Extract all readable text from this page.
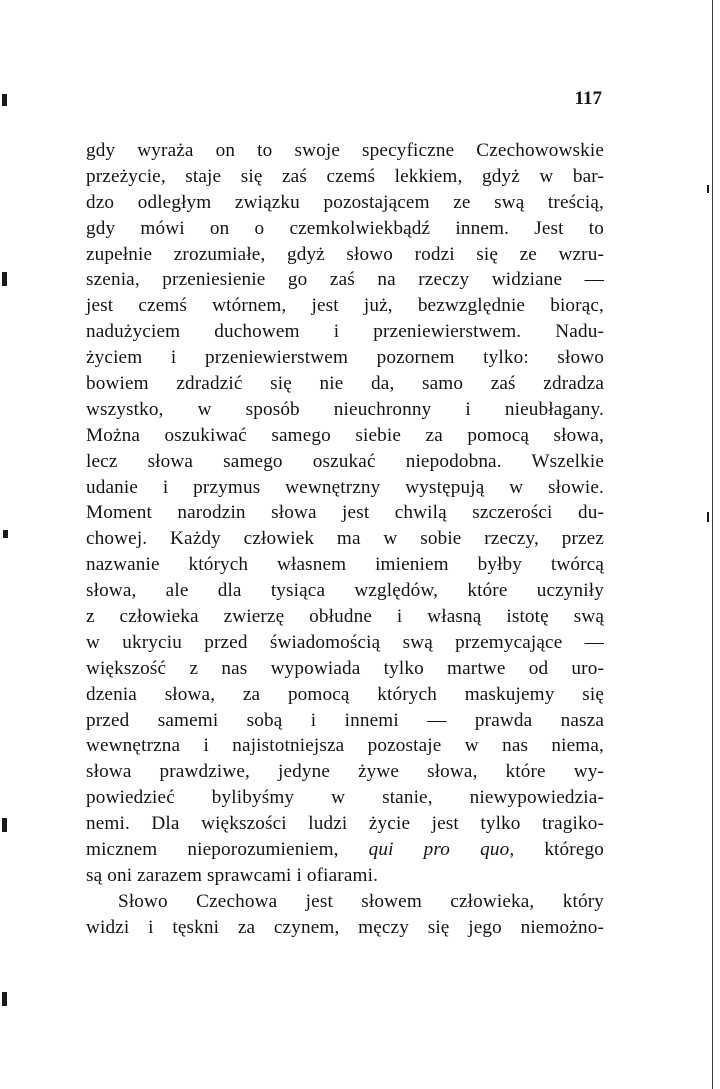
117
gdy wyraża on to swoje specyficzne Czechowowskie
przeżycie, staje się zaś czemś lekkiem, gdyż w bar-
dzo odległym związku pozostającem ze swą treścią,
gdy mówi on o czemkolwiekbądź innem. Jest to
zupełnie zrozumiałe, gdyż słowo rodzi się ze wzru-
szenia, przeniesienie go zaś na rzeczy widziane —
jest czemś wtórnem, jest już, bezwzględnie biorąc,
nadużyciem duchowem i przeniewierstwem. Nadu-
życiem i przeniewierstwem pozornem tylko: słowo
bowiem zdradzić się nie da, samo zaś zdradza
wszystko, w sposób nieuchronny i nieubłagany.
Można oszukiwać samego siebie za pomocą słowa,
lecz słowa samego oszukać niepodobna. Wszelkie
udanie i przymus wewnętrzny występują w słowie.
Moment narodzin słowa jest chwilą szczerości du-
chowej. Każdy człowiek ma w sobie rzeczy, przez
nazwanie których własnem imieniem byłby twórcą
słowa, ale dla tysiąca względów, które uczyniły
z człowieka zwierzę obłudne i własną istotę swą
w ukryciu przed świadomością swą przemycające —
większość z nas wypowiada tylko martwe od uro-
dzenia słowa, za pomocą których maskujemy się
przed samemi sobą i innemi — prawda nasza
wewnętrzna i najistotniejsza pozostaje w nas niema,
słowa prawdziwe, jedyne żywe słowa, które wy-
powiedzieć bylibyśmy w stanie, niewypowiedzia-
nemi. Dla większości ludzi życie jest tylko tragiko-
micznem nieporozumieniem, qui pro quo, którego
są oni zarazem sprawcami i ofiarami.
Słowo Czechowa jest słowem człowieka, który
widzi i tęskni za czynem, męczy się jego niemożno-
